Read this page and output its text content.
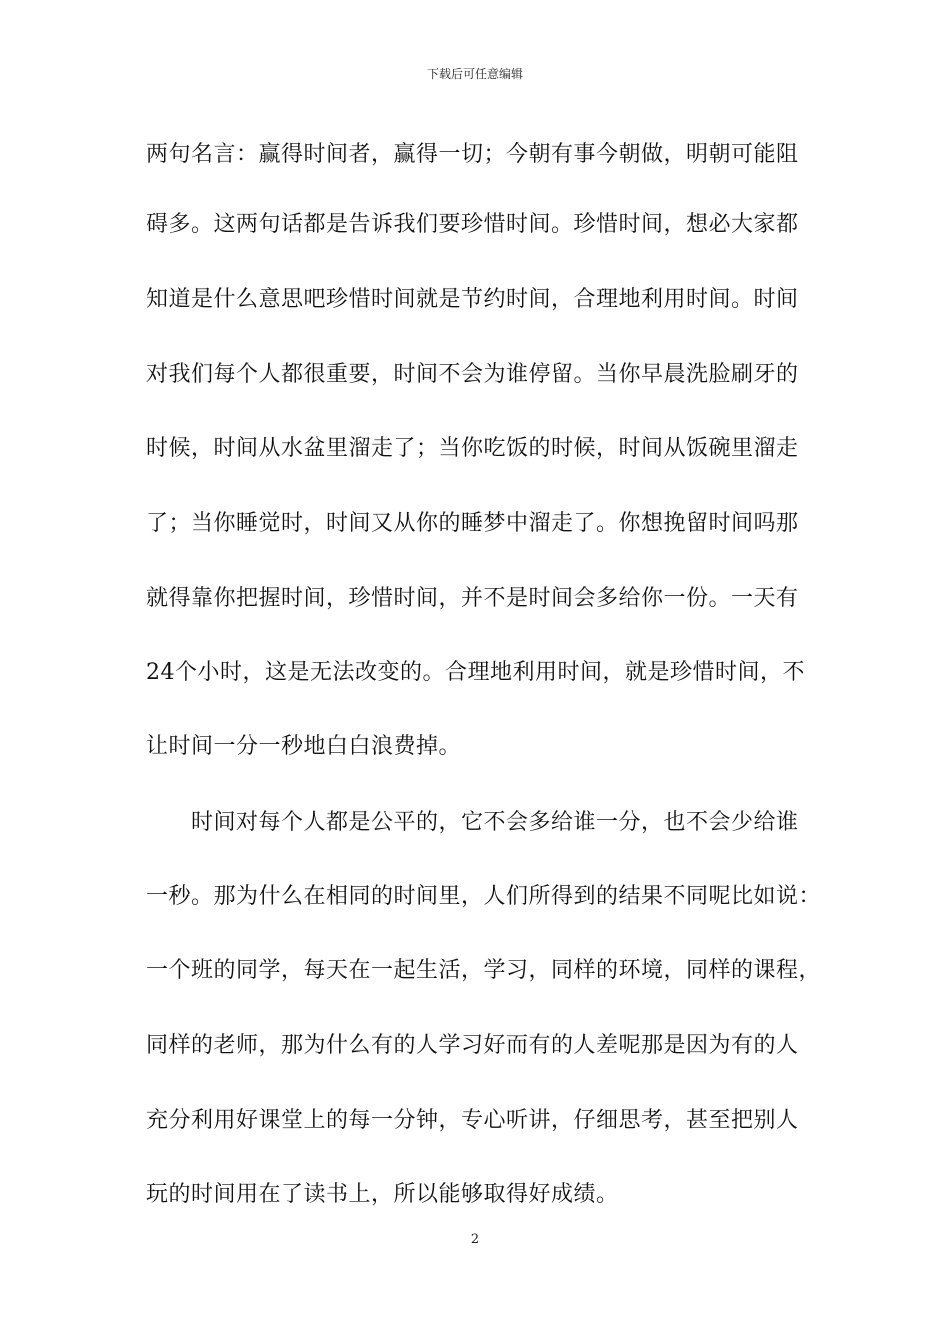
下载后可任意编辑
两句名言：赢得时间者，赢得一切；今朝有事今朝做，明朝可能阻
碍多。这两句话都是告诉我们要珍惜时间。珍惜时间，想必大家都
知道是什么意思吧珍惜时间就是节约时间，合理地利用时间。时间
对我们每个人都很重要，时间不会为谁停留。当你早晨洗脸刷牙的
时候，时间从水盆里溜走了；当你吃饭的时候，时间从饭碗里溜走
了；当你睡觉时，时间又从你的睡梦中溜走了。你想挽留时间吗那
就得靠你把握时间，珍惜时间，并不是时间会多给你一份。一天有
24个小时，这是无法改变的。合理地利用时间，就是珍惜时间，不
让时间一分一秒地白白浪费掉。
时间对每个人都是公平的，它不会多给谁一分，也不会少给谁
一秒。那为什么在相同的时间里，人们所得到的结果不同呢比如说：
一个班的同学，每天在一起生活，学习，同样的环境，同样的课程，
同样的老师，那为什么有的人学习好而有的人差呢那是因为有的人
充分利用好课堂上的每一分钟，专心听讲，仔细思考，甚至把别人
玩的时间用在了读书上，所以能够取得好成绩。
2
